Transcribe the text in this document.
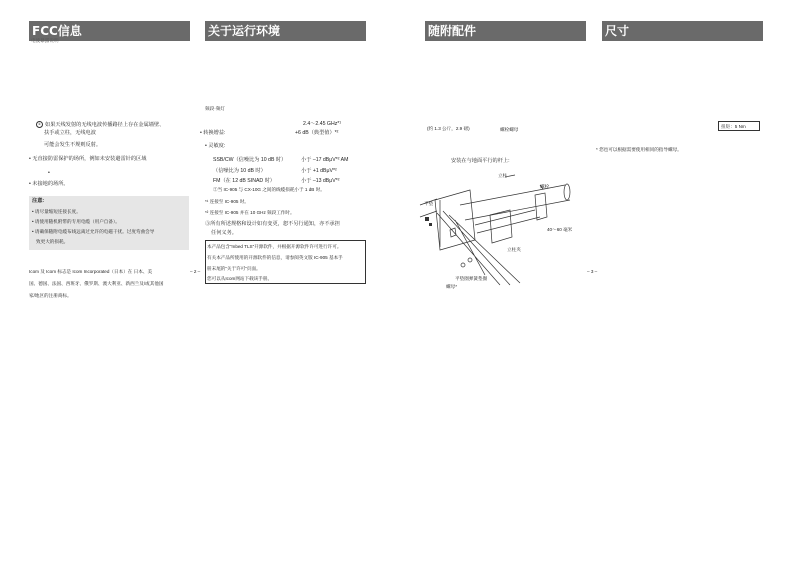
FCC信息	关于运行环境	随附配件	尺寸
电波暴露说明
① 如果天线发射的无线电波传播路径上存在金属墙壁、
扶手或立柱，无线电波
可能会发生不规则反射。
• 无直接防雷保护的场所，例如未安装避雷针的区域
•
• 未接地的场所。
注意:
• 请尽量缩短连接长度。
• 请使用随机附带的专用电缆（用户自备）。
• 请确保随附电缆布线远离过允许的电磁干扰。过度弯曲会导
致更大的损耗。
Icom 及 Icom 标志是 Icom Incorporated（日本）在 日本、美
国、德国、法国、西班牙、俄罗斯、澳大利亚、新西兰及/或其他国
家/地区的注册商标。
– 2 –
频段·频灯
2.4～2.45 GHz*¹
• 转换增益:	+6 dB（典型值）*²
• 灵敏度:
SSB/CW（信噪比为 10 dB 时）	小于 –17 dBμV*² AM
（信噪比为 10 dB 时）	小于 +1 dBμV*²
FM（在 12 dB SINAD 时）	小于 –13 dBμV*²
②当 IC-905 与 CX-10G 之间的线缆损耗小于 1 dB 时。
*¹ 连接至 IC-905 时。
*² 连接至 IC-905 并在 10 GHz 频段工作时。
③所有所述规格和设计如有变更，恕不另行通知，亦不承担
任何义务。
本产品包含“mbed TLS”开源软件，并根据开源软件许可进行许可。
有关本产品所使用的开源软件的信息，请参阅英文版 IC-905 基本手
册末尾的“关于许可”页面。
您可以从Icom网站下载该手册。
(约 1.3 公斤，2.9 磅)	螺栓螺母
安装在与地面平行的杆上:
立柱
螺栓
平垫
40～60 毫米
立柱夹
平垫圈弹簧垫圈
螺母*
– 3 –
扭矩：5 Nm
* 您也可以根据需要使用相同的指导螺母。
